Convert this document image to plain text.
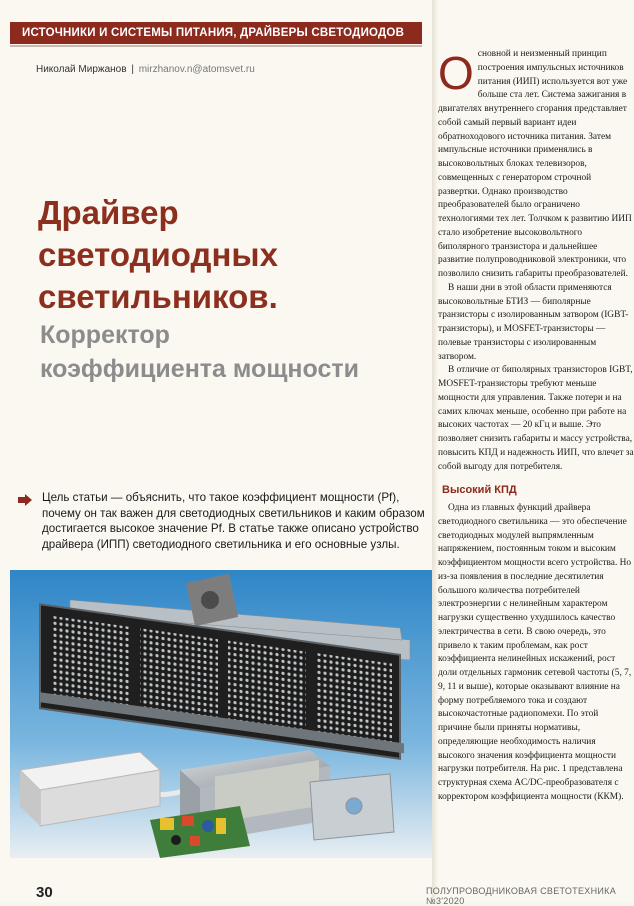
ИСТОЧНИКИ И СИСТЕМЫ ПИТАНИЯ, ДРАЙВЕРЫ СВЕТОДИОДОВ
Николай Миржанов | mirzhanov.n@atomsvet.ru
Драйвер
светодиодных
светильников.
Корректор
коэффициента мощности
Цель статьи — объяснить, что такое коэффициент мощности (Pf), почему он так важен для светодиодных светильников и каким образом достигается высокое значение Pf. В статье также описано устройство драйвера (ИПП) светодиодного светильника и его основные узлы.
30

Основной и неизменный принцип построения импульсных источников питания (ИИП) используется вот уже больше ста лет. Система зажигания в двигателях внутреннего сгорания представляет собой самый первый вариант идеи обратноходового источника питания. Затем импульсные источники применялись в высоковольтных блоках телевизоров, совмещенных с генератором строчной развертки. Однако производство преобразователей было ограничено технологиями тех лет. Толчком к развитию ИИП стало изобретение высоковольтного биполярного транзистора и дальнейшее развитие полупроводниковой электроники, что позволило снизить габариты преобразователей.

В наши дни в этой области применяются высоковольтные БТИЗ — биполярные транзисторы с изолированным затвором (IGBT-транзисторы), и MOSFET-транзисторы — полевые транзисторы с изолированным затвором.

В отличие от биполярных транзисторов IGBT, MOSFET-транзисторы требуют меньше мощности для управления. Также потери и на самих ключах меньше, особенно при работе на высоких частотах — 20 кГц и выше. Это позволяет снизить габариты и массу устройства, повысить КПД и надежность ИИП, что влечет за собой выгоду для потребителя.

Высокий КПД

Одна из главных функций драйвера светодиодного светильника — это обеспечение светодиодных модулей выпрямленным напряжением, постоянным током и высоким коэффициентом мощности всего устройства. Но из-за появления в последние десятилетия большого количества потребителей электроэнергии с нелинейным характером нагрузки существенно ухудшилось качество электричества в сети. В свою очередь, это привело к таким проблемам, как рост коэффициента нелинейных искажений, рост доли отдельных гармоник сетевой частоты (5, 7, 9, 11 и выше), которые оказывают влияние на форму потребляемого тока и создают высокочастотные радиопомехи. По этой причине были приняты нормативы, определяющие необходимость наличия высокого значения коэффициента мощности нагрузки потребителя. На рис. 1 представлена структурная схема AC/DC-преобразователя с корректором коэффициента мощности (ККМ).

ПОЛУПРОВОДНИКОВАЯ СВЕТОТЕХНИКА №3'2020
